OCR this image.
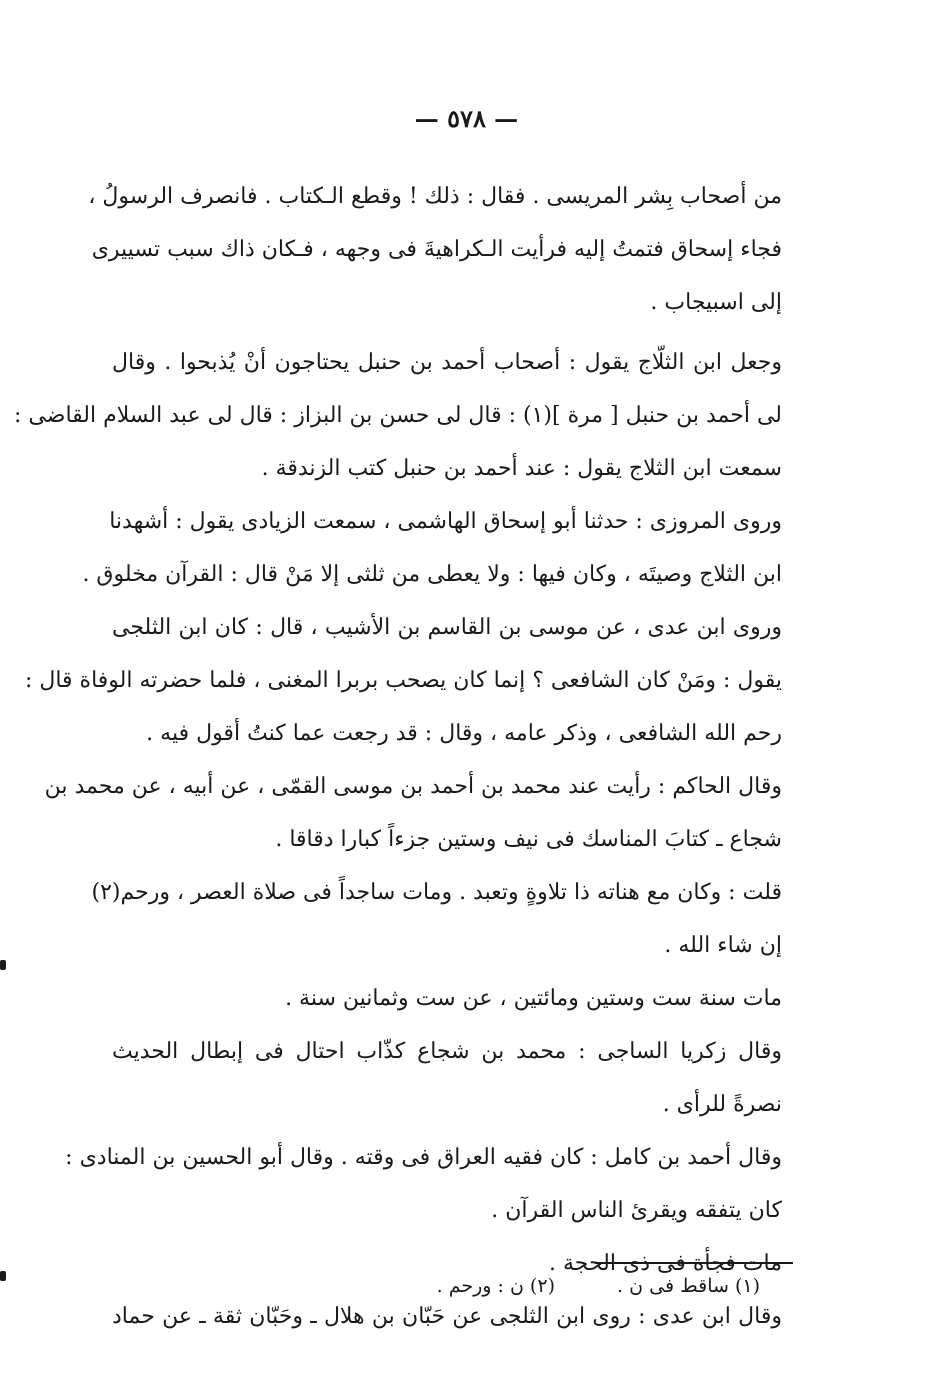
— ٥٧٨ —
من أصحاب بِشر المريسى . فقال : ذلك ! وقطع الـكتاب . فانصرف الرسولُ ،
فجاء إسحاق فتمتُ إليه فرأيت الـكراهيةَ فى وجهه ، فـكان ذاك سبب تسييرى
إلى اسبيجاب .
وجعل ابن الثلّاج يقول : أصحاب أحمد بن حنبل يحتاجون أنْ يُذبحوا . وقال
لى أحمد بن حنبل [ مرة ](١) : قال لى حسن بن البزاز : قال لى عبد السلام القاضى :
سمعت ابن الثلاج يقول : عند أحمد بن حنبل كتب الزندقة .
وروى المروزى : حدثنا أبو إسحاق الهاشمى ، سمعت الزيادى يقول : أشهدنا
ابن الثلاج وصيتَه ، وكان فيها : ولا يعطى من ثلثى إلا مَنْ قال : القرآن مخلوق .
وروى ابن عدى ، عن موسى بن القاسم بن الأشيب ، قال : كان ابن الثلجى
يقول : ومَنْ كان الشافعى ؟ إنما كان يصحب بربرا المغنى ، فلما حضرته الوفاة قال :
رحم الله الشافعى ، وذكر عامه ، وقال : قد رجعت عما كنتُ أقول فيه .
وقال الحاكم : رأيت عند محمد بن أحمد بن موسى القمّى ، عن أبيه ، عن محمد بن
شجاع ـ كتابَ المناسك فى نيف وستين جزءاً كبارا دقاقا .
قلت : وكان مع هناته ذا تلاوةٍ وتعبد . ومات ساجداً فى صلاة العصر ، ورحم(٢)
إن شاء الله .
مات سنة ست وستين ومائتين ، عن ست وثمانين سنة .
وقال زكريا الساجى : محمد بن شجاع كذّاب احتال فى إبطال الحديث
نصرةً للرأى .
وقال أحمد بن كامل : كان فقيه العراق فى وقته . وقال أبو الحسين بن المنادى :
كان يتفقه ويقرئ الناس القرآن .
مات فجأة فى ذى الحجة .
وقال ابن عدى : روى ابن الثلجى عن حَبّان بن هلال ـ وحَبّان ثقة ـ عن حماد
(١) ساقط فى ن . (٢) ن : ورحم .
